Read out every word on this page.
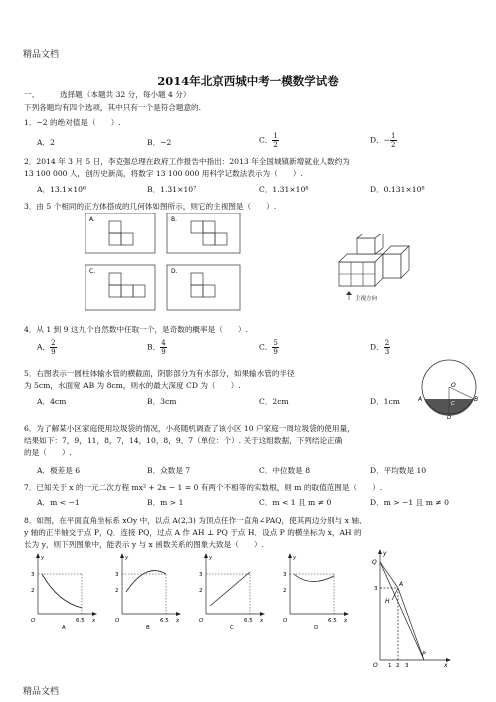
精品文档
2014年北京西城中考一模数学试卷
一、	选择题（本题共 32 分，每小题 4 分）
下列各题均有四个选项，其中只有一个是符合题意的.
1．−2 的绝对值是（　　）.
A．2	B．−2	C． $\frac{1}{2}$	D．− $\frac{1}{2}$
2．2014 年 3 月 5 日，李克强总理在政府工作报告中指出：2013 年全国城镇新增就业人数约为
13 100 000 人，创历史新高，将数字 13 100 000 用科学记数法表示为（　　）.
A．13.1×10⁶	B．1.31×10⁷	C．1.31×10⁸	D．0.131×10⁸
3．由 5 个相同的正方体搭成的几何体如图所示，则它的主视图是（　　）.
A.	B.
C.	D.
主视方向
4．从 1 到 9 这九个自然数中任取一个，是奇数的概率是（　　）.
A． $\frac{2}{9}$	B． $\frac{4}{9}$	C． $\frac{5}{9}$	D． $\frac{2}{3}$
5．右图表示一圆柱体输水管的横截面，阴影部分为有水部分，如果输水管的半径
为 5cm，水面宽 AB 为 8cm，则水的最大深度 CD 为（　　）.
A．4cm	B．3cm	C．2cm	D．1cm
O
A	B
C
D
6．为了解某小区家庭使用垃圾袋的情况，小亮随机调查了该小区 10 户家庭一周垃圾袋的使用量，
结果如下：7，9，11，8，7，14，10，8，9，7（单位：个）. 关于这组数据，下列结论正确
的是（　　）.
A．极差是 6	B．众数是 7	C．中位数是 8	D．平均数是 10
7．已知关于 x 的一元二次方程 mx² + 2x − 1 = 0 有两个不相等的实数根，则 m 的取值范围是（　　）.
A．m < −1	B．m > 1	C．m < 1 且 m ≠ 0	D．m > −1 且 m ≠ 0
8．如图，在平面直角坐标系 xOy 中，以点 A(2,3) 为顶点任作一直角∠PAQ，使其两边分别与 x 轴、
y 轴的正半轴交于点 P，Q．连接 PQ，过点 A 作 AH ⊥ PQ 于点 H．设点 P 的横坐标为 x，AH 的
长为 y，则下列图象中，能表示 y 与 x 函数关系的图象大致是（　　）.
y
3
2
O	6.5 x
A
y
3
2
O	6.5 x
B
y
3
2
O	6.5 x
C
y
3
2
O	6.5 x
D
y
Q
A
H
P
O	x
3
1 2 3
精品文档
